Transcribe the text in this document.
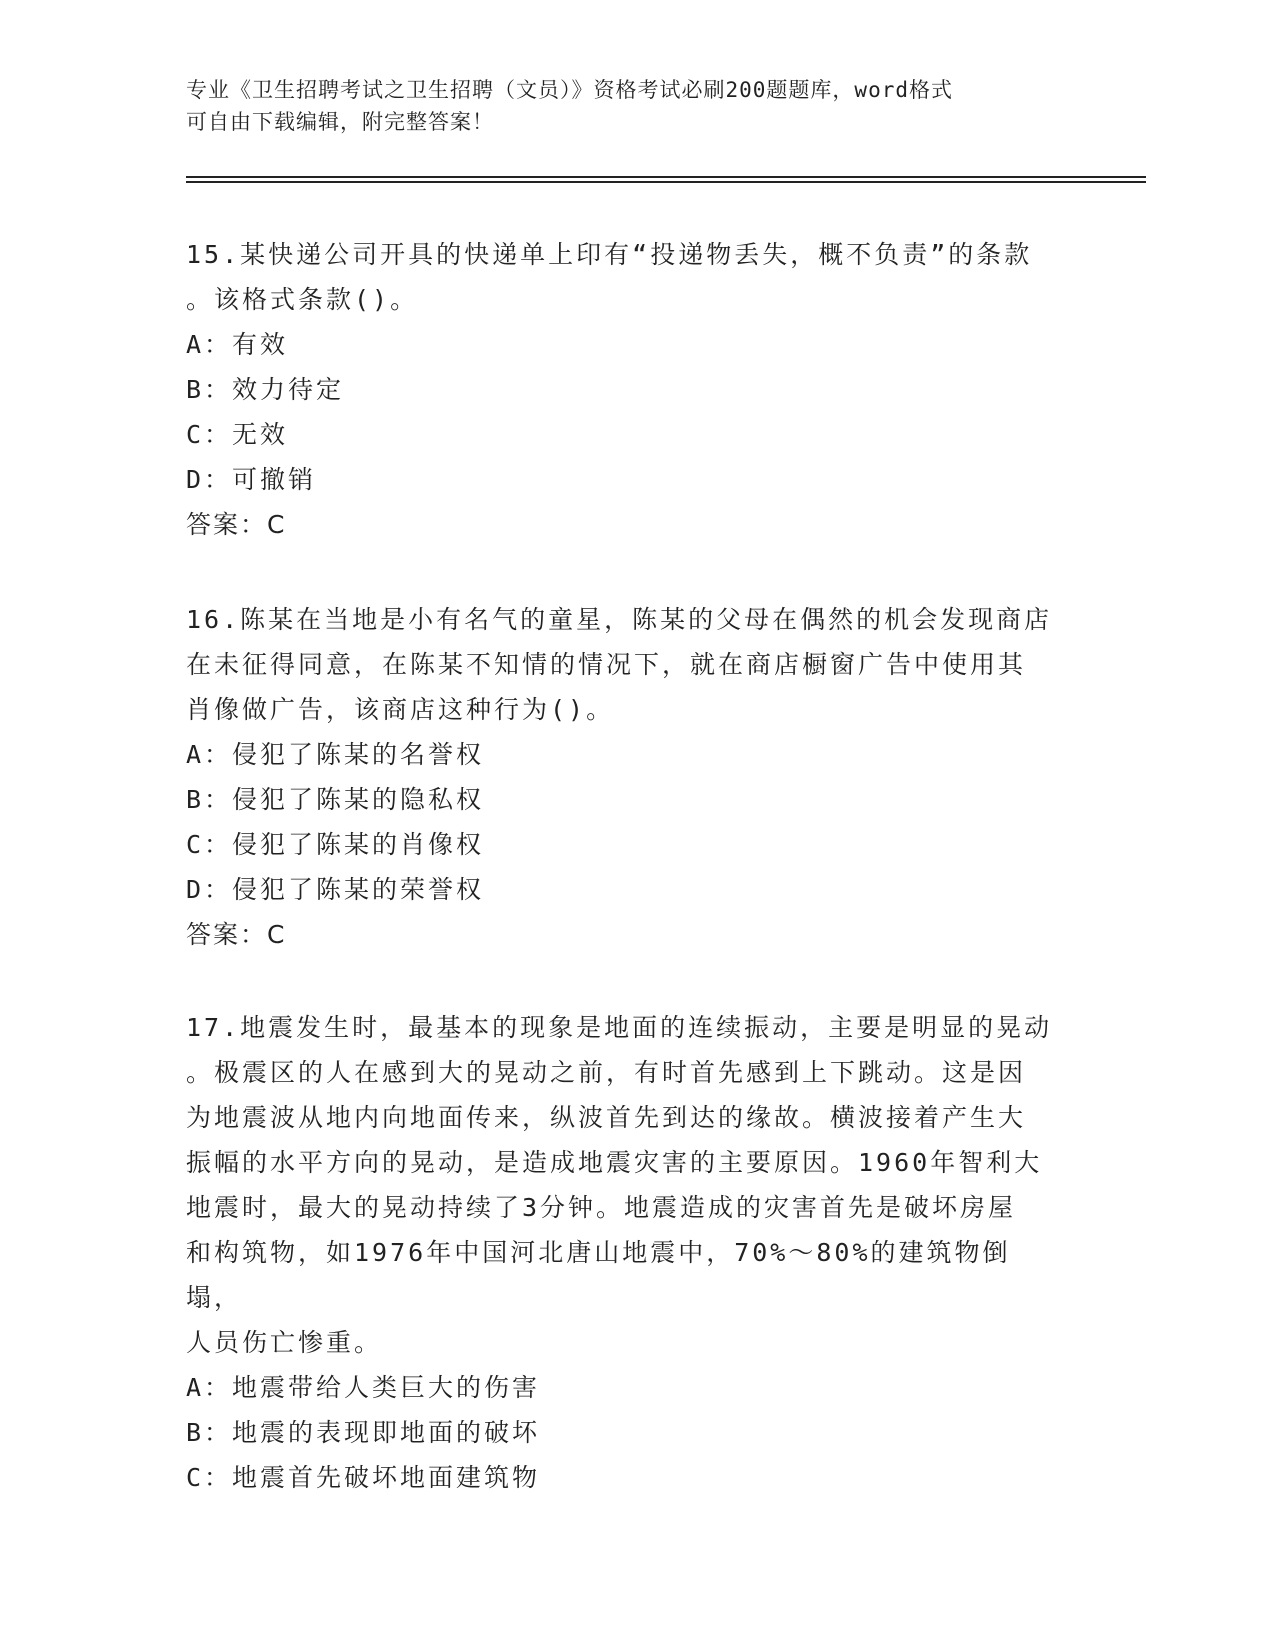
专业《卫生招聘考试之卫生招聘（文员）》资格考试必刷200题题库，word格式
可自由下载编辑，附完整答案！

15.某快递公司开具的快递单上印有“投递物丢失，概不负责”的条款

。该格式条款()。

A：有效

B：效力待定

C：无效

D：可撤销

答案：C

16.陈某在当地是小有名气的童星，陈某的父母在偶然的机会发现商店

在未征得同意，在陈某不知情的情况下，就在商店橱窗广告中使用其

肖像做广告，该商店这种行为()。

A：侵犯了陈某的名誉权

B：侵犯了陈某的隐私权

C：侵犯了陈某的肖像权

D：侵犯了陈某的荣誉权

答案：C

17.地震发生时，最基本的现象是地面的连续振动，主要是明显的晃动

。极震区的人在感到大的晃动之前，有时首先感到上下跳动。这是因

为地震波从地内向地面传来，纵波首先到达的缘故。横波接着产生大

振幅的水平方向的晃动，是造成地震灾害的主要原因。1960年智利大

地震时，最大的晃动持续了3分钟。地震造成的灾害首先是破坏房屋

和构筑物，如1976年中国河北唐山地震中，70%～80%的建筑物倒塌，

人员伤亡惨重。

A：地震带给人类巨大的伤害

B：地震的表现即地面的破坏

C：地震首先破坏地面建筑物
